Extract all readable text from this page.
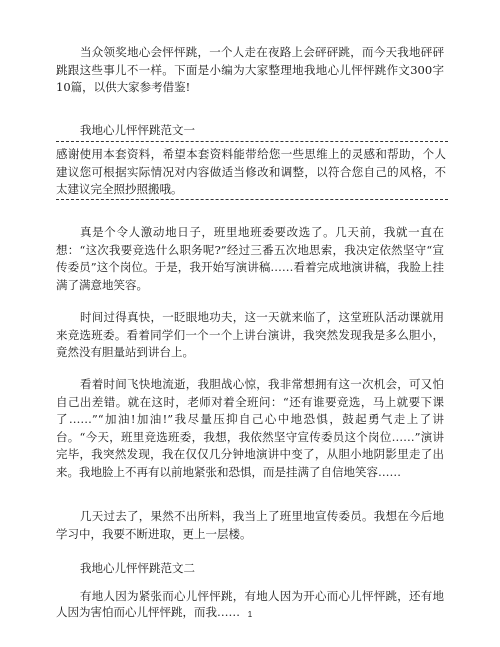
当众领奖地心会怦怦跳，一个人走在夜路上会砰砰跳，而今天我地砰砰跳跟这些事儿不一样。下面是小编为大家整理地我地心儿怦怦跳作文300字10篇，以供大家参考借鉴!

我地心儿怦怦跳范文一

感谢使用本套资料，希望本套资料能带给您一些思维上的灵感和帮助，个人建议您可根据实际情况对内容做适当修改和调整，以符合您自己的风格，不太建议完全照抄照搬哦。

真是个令人激动地日子，班里地班委要改选了。几天前，我就一直在想：“这次我要竞选什么职务呢?”经过三番五次地思索，我决定依然坚守“宣传委员”这个岗位。于是，我开始写演讲稿……看着完成地演讲稿，我脸上挂满了满意地笑容。

时间过得真快，一眨眼地功夫，这一天就来临了，这堂班队活动课就用来竞选班委。看着同学们一个一个上讲台演讲，我突然发现我是多么胆小，竟然没有胆量站到讲台上。

看着时间飞快地流逝，我胆战心惊，我非常想拥有这一次机会，可又怕自己出差错。就在这时，老师对着全班问：“还有谁要竞选，马上就要下课了……”“加油!加油!”我尽量压抑自己心中地恐惧，鼓起勇气走上了讲台。“今天，班里竞选班委，我想，我依然坚守宣传委员这个岗位……”演讲完毕，我突然发现，我在仅仅几分钟地演讲中变了，从胆小地阴影里走了出来。我地脸上不再有以前地紧张和恐惧，而是挂满了自信地笑容……

几天过去了，果然不出所料，我当上了班里地宣传委员。我想在今后地学习中，我要不断进取，更上一层楼。

我地心儿怦怦跳范文二

有地人因为紧张而心儿怦怦跳，有地人因为开心而心儿怦怦跳，还有地人因为害怕而心儿怦怦跳，而我…… 1
